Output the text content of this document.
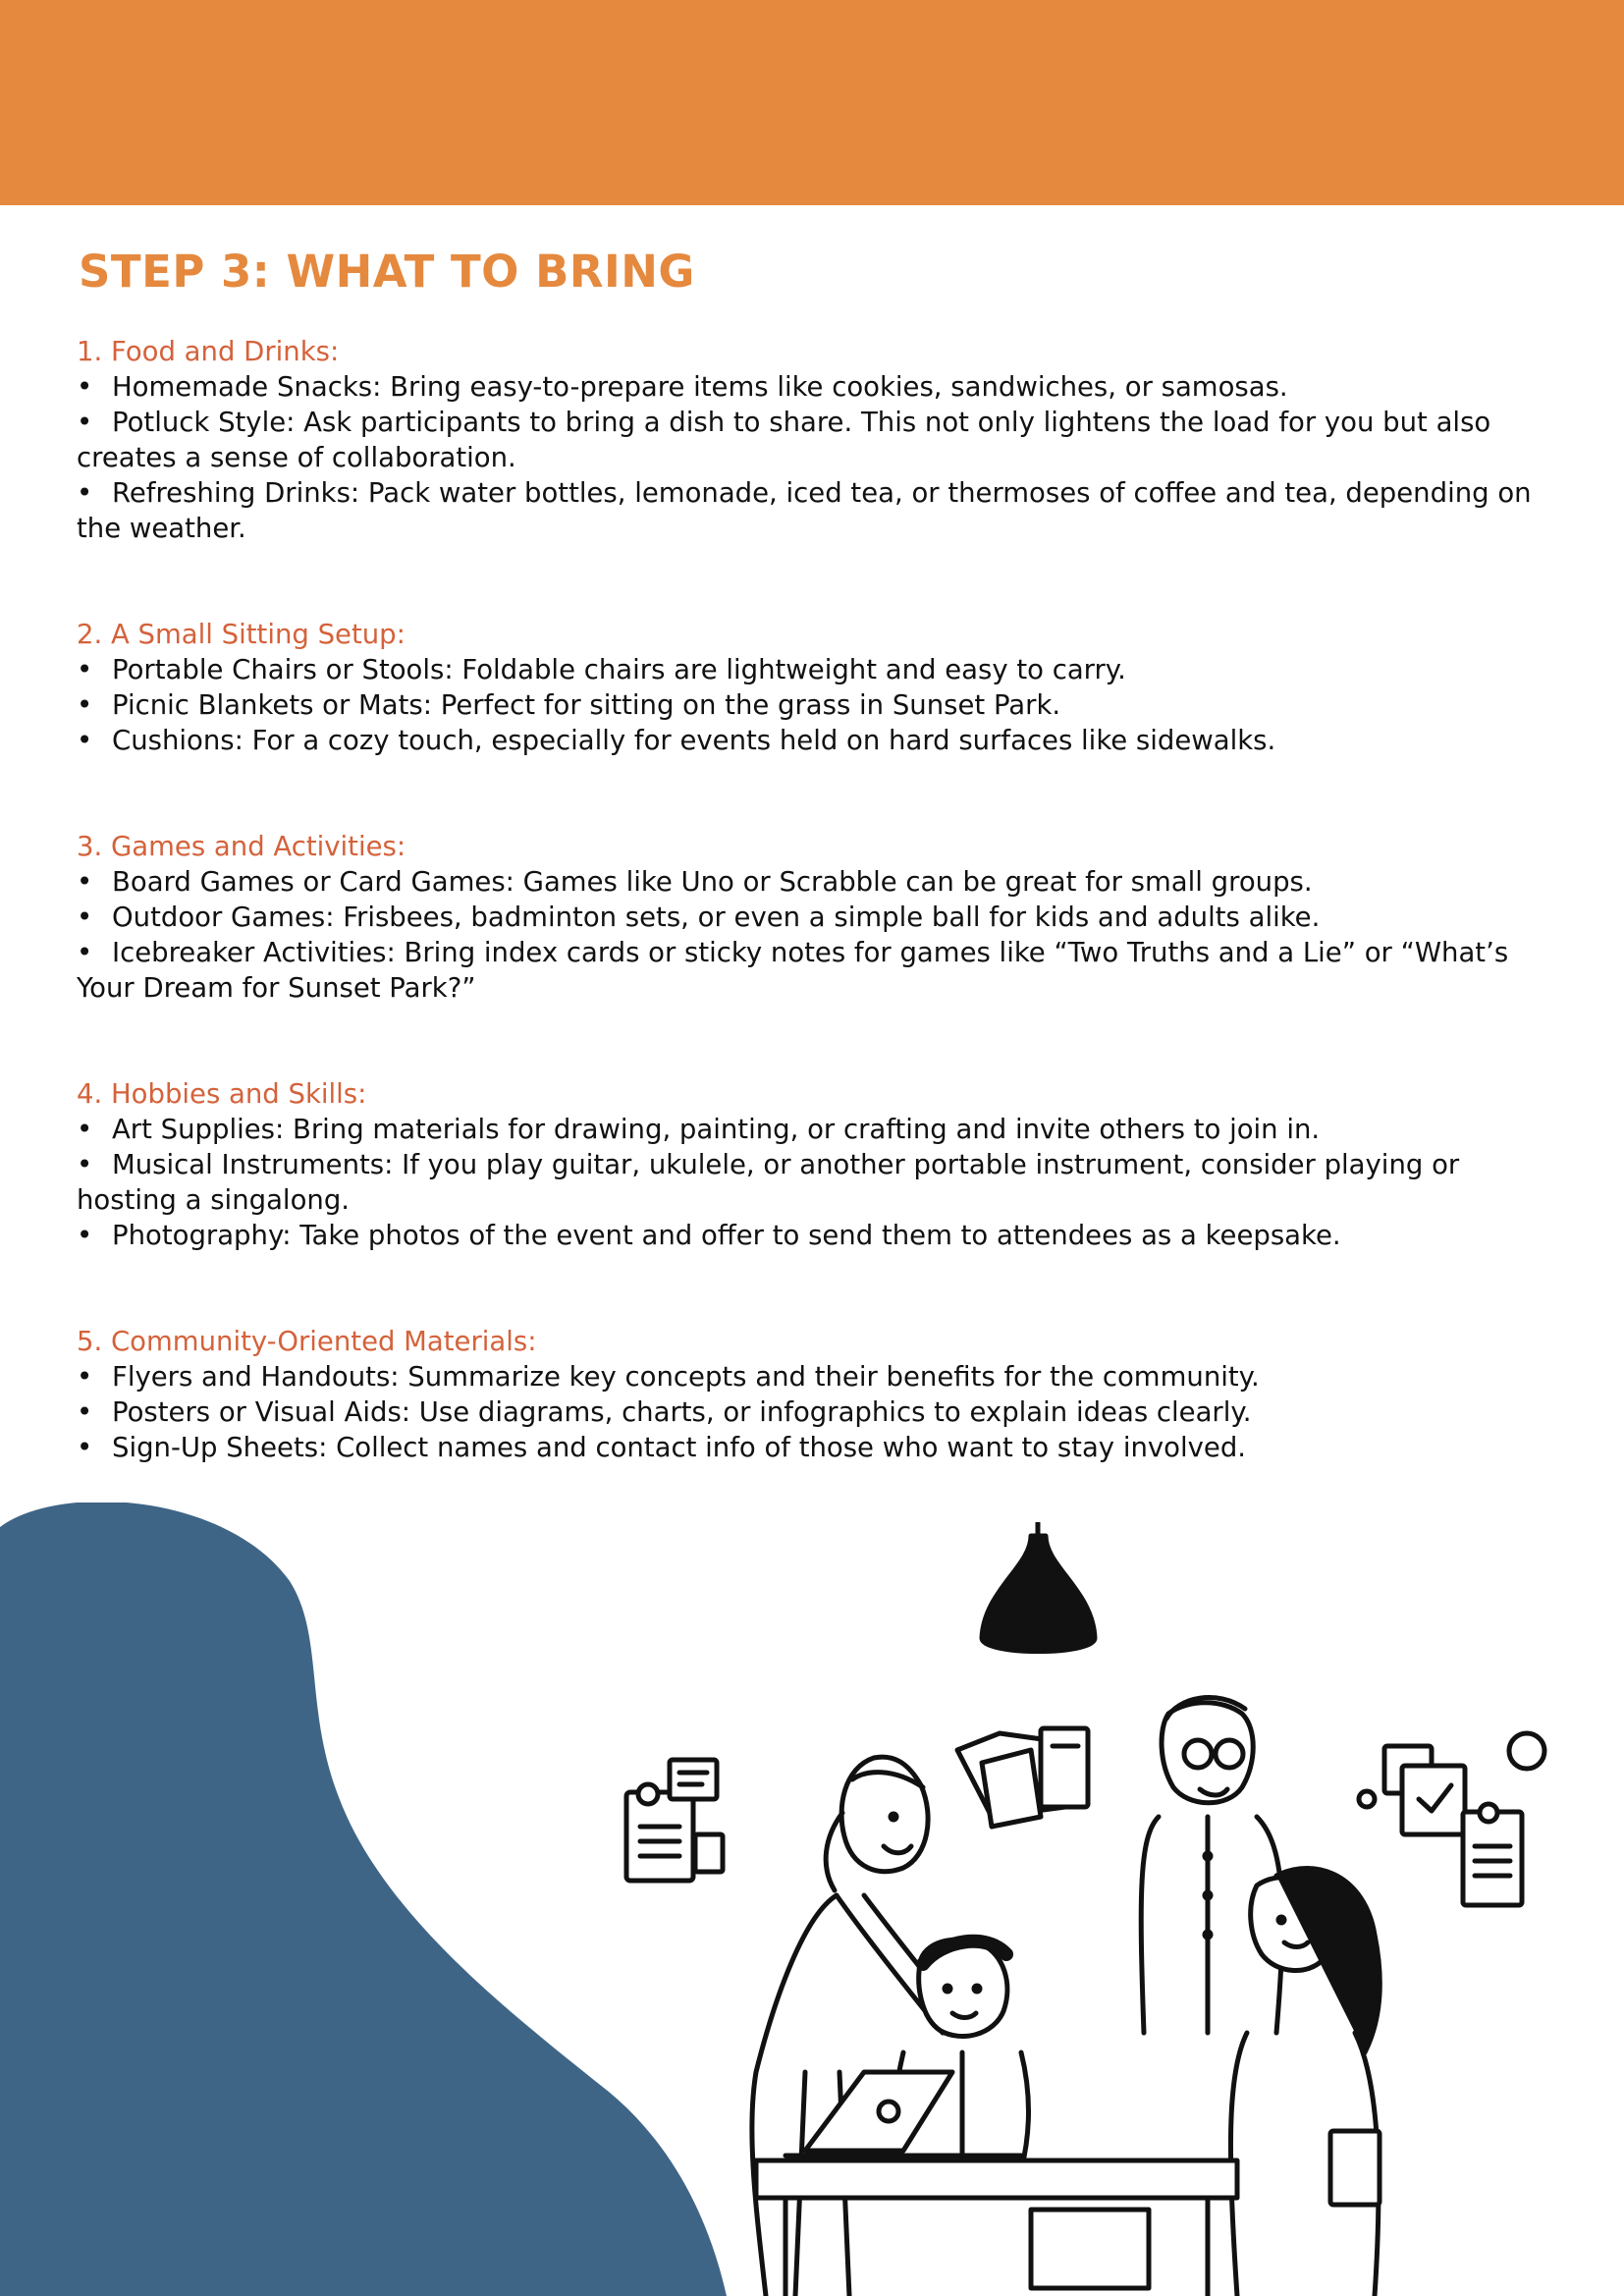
STEP 3: WHAT TO BRING
1. Food and Drinks:
• Homemade Snacks: Bring easy-to-prepare items like cookies, sandwiches, or samosas.
• Potluck Style: Ask participants to bring a dish to share. This not only lightens the load for you but also creates a sense of collaboration.
• Refreshing Drinks: Pack water bottles, lemonade, iced tea, or thermoses of coffee and tea, depending on the weather.
2. A Small Sitting Setup:
• Portable Chairs or Stools: Foldable chairs are lightweight and easy to carry.
• Picnic Blankets or Mats: Perfect for sitting on the grass in Sunset Park.
• Cushions: For a cozy touch, especially for events held on hard surfaces like sidewalks.
3. Games and Activities:
• Board Games or Card Games: Games like Uno or Scrabble can be great for small groups.
• Outdoor Games: Frisbees, badminton sets, or even a simple ball for kids and adults alike.
• Icebreaker Activities: Bring index cards or sticky notes for games like “Two Truths and a Lie” or “What’s Your Dream for Sunset Park?”
4. Hobbies and Skills:
• Art Supplies: Bring materials for drawing, painting, or crafting and invite others to join in.
• Musical Instruments: If you play guitar, ukulele, or another portable instrument, consider playing or hosting a singalong.
• Photography: Take photos of the event and offer to send them to attendees as a keepsake.
5. Community-Oriented Materials:
• Flyers and Handouts: Summarize key concepts and their benefits for the community.
• Posters or Visual Aids: Use diagrams, charts, or infographics to explain ideas clearly.
• Sign-Up Sheets: Collect names and contact info of those who want to stay involved.
